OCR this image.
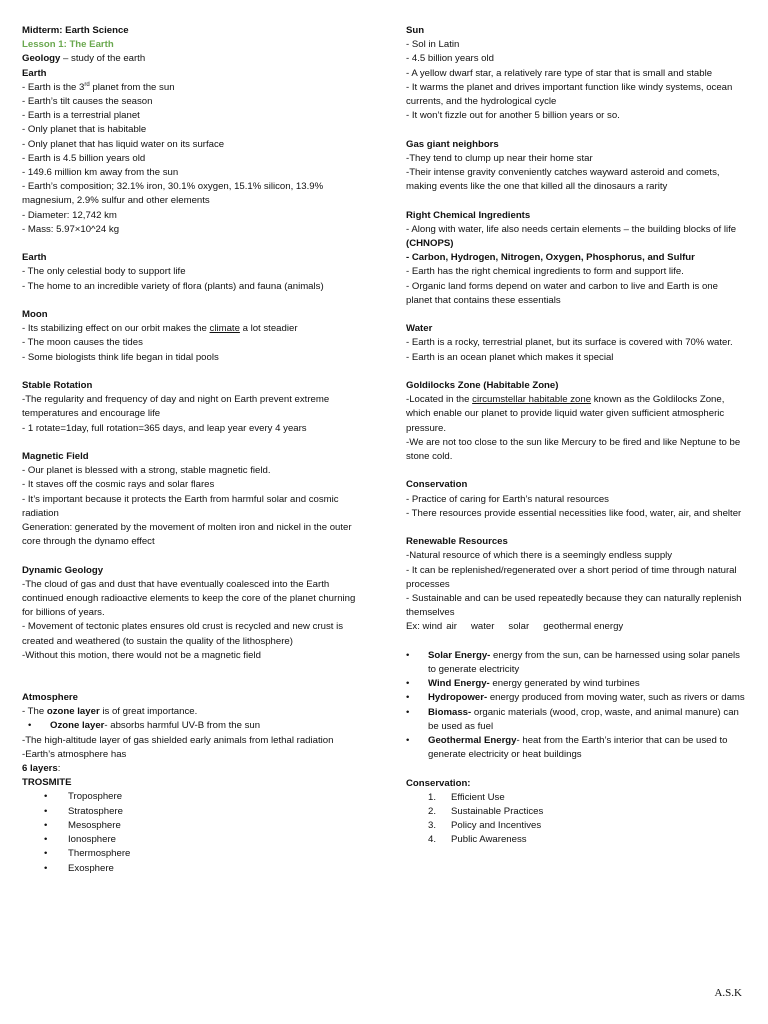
Midterm: Earth Science

Lesson 1: The Earth

Geology – study of the earth

Earth

- Earth is the 3rd planet from the sun

- Earth’s tilt causes the season

- Earth is a terrestrial planet

- Only planet that is habitable

- Only planet that has liquid water on its surface

- Earth is 4.5 billion years old

- 149.6 million km away from the sun

- Earth’s composition; 32.1% iron, 30.1% oxygen, 15.1% silicon, 13.9% magnesium, 2.9% sulfur and other elements

- Diameter: 12,742 km

- Mass: 5.97×10^24 kg

Earth

- The only celestial body to support life

- The home to an incredible variety of flora (plants) and fauna (animals)

Moon

- Its stabilizing effect on our orbit makes the climate a lot steadier

- The moon causes the tides

- Some biologists think life began in tidal pools

Stable Rotation

-The regularity and frequency of day and night on Earth prevent extreme temperatures and encourage life

- 1 rotate=1day, full rotation=365 days, and leap year every 4 years

Magnetic Field

- Our planet is blessed with a strong, stable magnetic field.

- It staves off the cosmic rays and solar flares

- It’s important because it protects the Earth from harmful solar and cosmic radiation

Generation: generated by the movement of molten iron and nickel in the outer core through the dynamo effect

Dynamic Geology

-The cloud of gas and dust that have eventually coalesced into the Earth continued enough radioactive elements to keep the core of the planet churning for billions of years.

- Movement of tectonic plates ensures old crust is recycled and new crust is created and weathered (to sustain the quality of the lithosphere)

-Without this motion, there would not be a magnetic field

Atmosphere

- The ozone layer is of great importance.

• Ozone layer- absorbs harmful UV-B from the sun

-The high-altitude layer of gas shielded early animals from lethal radiation

-Earth’s atmosphere has

6 layers:

TROSMITE

• Troposphere
• Stratosphere
• Mesosphere
• Ionosphere
• Thermosphere
• Exosphere

Sun

- Sol in Latin

- 4.5 billion years old

- A yellow dwarf star, a relatively rare type of star that is small and stable

- It warms the planet and drives important function like windy systems, ocean currents, and the hydrological cycle

- It won’t fizzle out for another 5 billion years or so.

Gas giant neighbors

-They tend to clump up near their home star

-Their intense gravity conveniently catches wayward asteroid and comets, making events like the one that killed all the dinosaurs a rarity

Right Chemical Ingredients

- Along with water, life also needs certain elements – the building blocks of life (CHNOPS)

- Carbon, Hydrogen, Nitrogen, Oxygen, Phosphorus, and Sulfur

- Earth has the right chemical ingredients to form and support life.

- Organic land forms depend on water and carbon to live and Earth is one planet that contains these essentials

Water

- Earth is a rocky, terrestrial planet, but its surface is covered with 70% water.

- Earth is an ocean planet which makes it special

Goldilocks Zone (Habitable Zone)

-Located in the circumstellar habitable zone known as the Goldilocks Zone, which enable our planet to provide liquid water given sufficient atmospheric pressure.

-We are not too close to the sun like Mercury to be fired and like Neptune to be stone cold.

Conservation

- Practice of caring for Earth’s natural resources

- There resources provide essential necessities like food, water, air, and shelter

Renewable Resources

-Natural resource of which there is a seemingly endless supply

- It can be replenished/regenerated over a short period of time through natural processes

- Sustainable and can be used repeatedly because they can naturally replenish themselves

Ex: wind air water solar geothermal energy

• Solar Energy- energy from the sun, can be harnessed using solar panels to generate electricity
• Wind Energy- energy generated by wind turbines
• Hydropower- energy produced from moving water, such as rivers or dams
• Biomass- organic materials (wood, crop, waste, and animal manure) can be used as fuel
• Geothermal Energy- heat from the Earth’s interior that can be used to generate electricity or heat buildings

Conservation:

1. Efficient Use
2. Sustainable Practices
3. Policy and Incentives
4. Public Awareness
A.S.K
